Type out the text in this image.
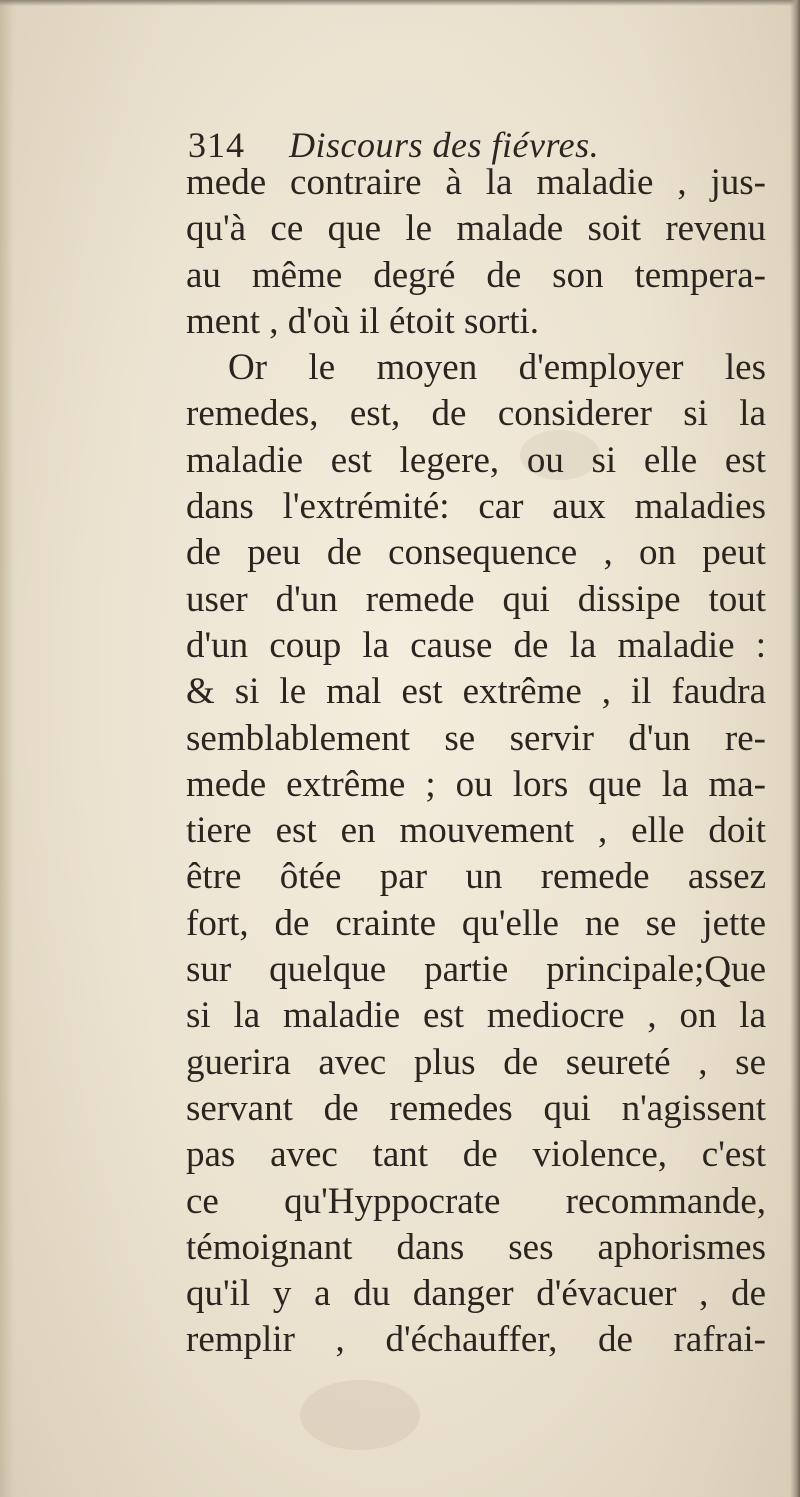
314 Discours des fiévres.
mede contraire à la maladie , jus-
qu'à ce que le malade soit revenu
au même degré de son tempera-
ment , d'où il étoit sorti.
Or le moyen d'employer les
remedes, est, de considerer si la
maladie est legere, ou si elle est
dans l'extrémité: car aux maladies
de peu de consequence , on peut
user d'un remede qui dissipe tout
d'un coup la cause de la maladie :
& si le mal est extrême , il faudra
semblablement se servir d'un re-
mede extrême ; ou lors que la ma-
tiere est en mouvement , elle doit
être ôtée par un remede assez
fort, de crainte qu'elle ne se jette
sur quelque partie principale;Que
si la maladie est mediocre , on la
guerira avec plus de seureté , se
servant de remedes qui n'agissent
pas avec tant de violence, c'est
ce qu'Hyppocrate recommande,
témoignant dans ses aphorismes
qu'il y a du danger d'évacuer , de
remplir , d'échauffer, de rafrai-
